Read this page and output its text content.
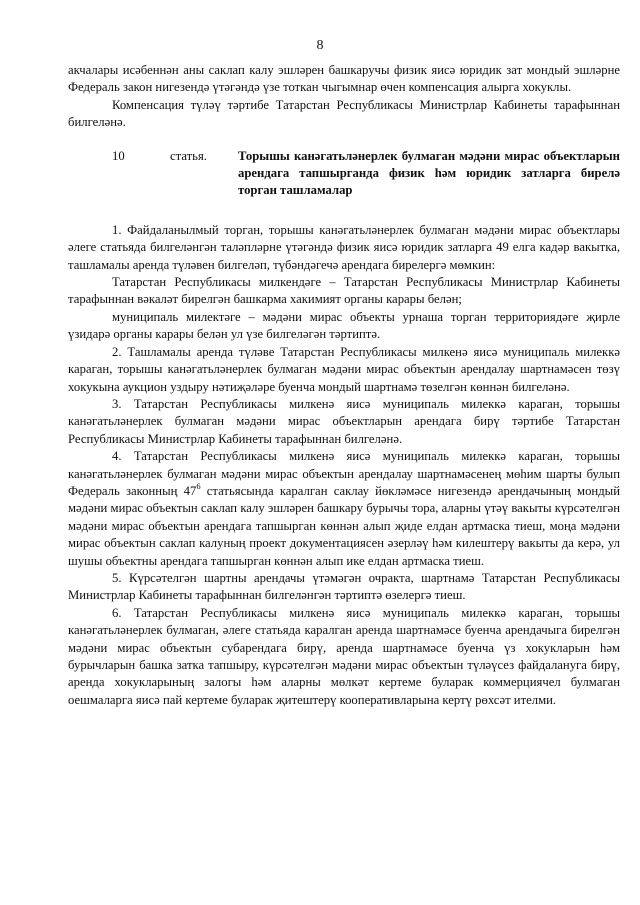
8

акчалары исәбеннән аны саклап калу эшләрен башкаручы физик яисә юридик зат мондый эшләрне Федераль закон нигезендә үтәгәндә үзе тоткан чыгымнар өчен компенсация алырга хокуклы.

Компенсация түләү тәртибе Татарстан Республикасы Министрлар Кабинеты тарафыннан билгеләнә.

10	статья.	Торышы канәгатьләнерлек булмаган мәдәни мирас объектларын арендага тапшырганда физик һәм юридик затларга бирелә торган ташламалар

1. Файдаланылмый торган, торышы канәгатьләнерлек булмаган мәдәни мирас объектлары әлеге статьяда билгеләнгән таләпләрне үтәгәндә физик яисә юридик затларга 49 елга кадәр вакытка, ташламалы аренда түләвен билгеләп, түбәндәгечә арендага бирелергә мөмкин:

Татарстан Республикасы милкендәге – Татарстан Республикасы Министрлар Кабинеты тарафыннан вәкаләт бирелгән башкарма хакимият органы карары белән;

муниципаль милектәге – мәдәни мирас объекты урнаша торган территориядәге җирле үзидарә органы карары белән ул үзе билгеләгән тәртиптә.

2. Ташламалы аренда түләве Татарстан Республикасы милкенә яисә муниципаль милеккә караган, торышы канәгатьләнерлек булмаган мәдәни мирас объектын арендалау шартнамәсен төзү хокукына аукцион уздыру нәтиҗәләре буенча мондый шартнамә төзелгән көннән билгеләнә.

3. Татарстан Республикасы милкенә яисә муниципаль милеккә караган, торышы канәгатьләнерлек булмаган мәдәни мирас объектларын арендага бирү тәртибе Татарстан Республикасы Министрлар Кабинеты тарафыннан билгеләнә.

4. Татарстан Республикасы милкенә яисә муниципаль милеккә караган, торышы канәгатьләнерлек булмаган мәдәни мирас объектын арендалау шартнамәсенең мөһим шарты булып Федераль законның $47^6$ статьясында каралган саклау йөкләмәсе нигезендә арендачының мондый мәдәни мирас объектын саклап калу эшләрен башкару бурычы тора, аларны үтәү вакыты күрсәтелгән мәдәни мирас объектын арендага тапшырган көннән алып җиде елдан артмаска тиеш, моңа мәдәни мирас объектын саклап калуның проект документациясен әзерләү һәм килештерү вакыты да керә, ул шушы объектны арендага тапшырган көннән алып ике елдан артмаска тиеш.

5. Күрсәтелгән шартны арендачы үтәмәгән очракта, шартнамә Татарстан Республикасы Министрлар Кабинеты тарафыннан билгеләнгән тәртиптә өзелергә тиеш.

6. Татарстан Республикасы милкенә яисә муниципаль милеккә караган, торышы канәгатьләнерлек булмаган, әлеге статьяда каралган аренда шартнамәсе буенча арендачыга бирелгән мәдәни мирас объектын субарендага бирү, аренда шартнамәсе буенча үз хокукларын һәм бурычларын башка затка тапшыру, күрсәтелгән мәдәни мирас объектын түләүсез файдалануга бирү, аренда хокукларының залогы һәм аларны мөлкәт кертеме буларак коммерциячел булмаган оешмаларга яисә пай кертеме буларак җитештерү кооперативларына кертү рөхсәт ителми.
